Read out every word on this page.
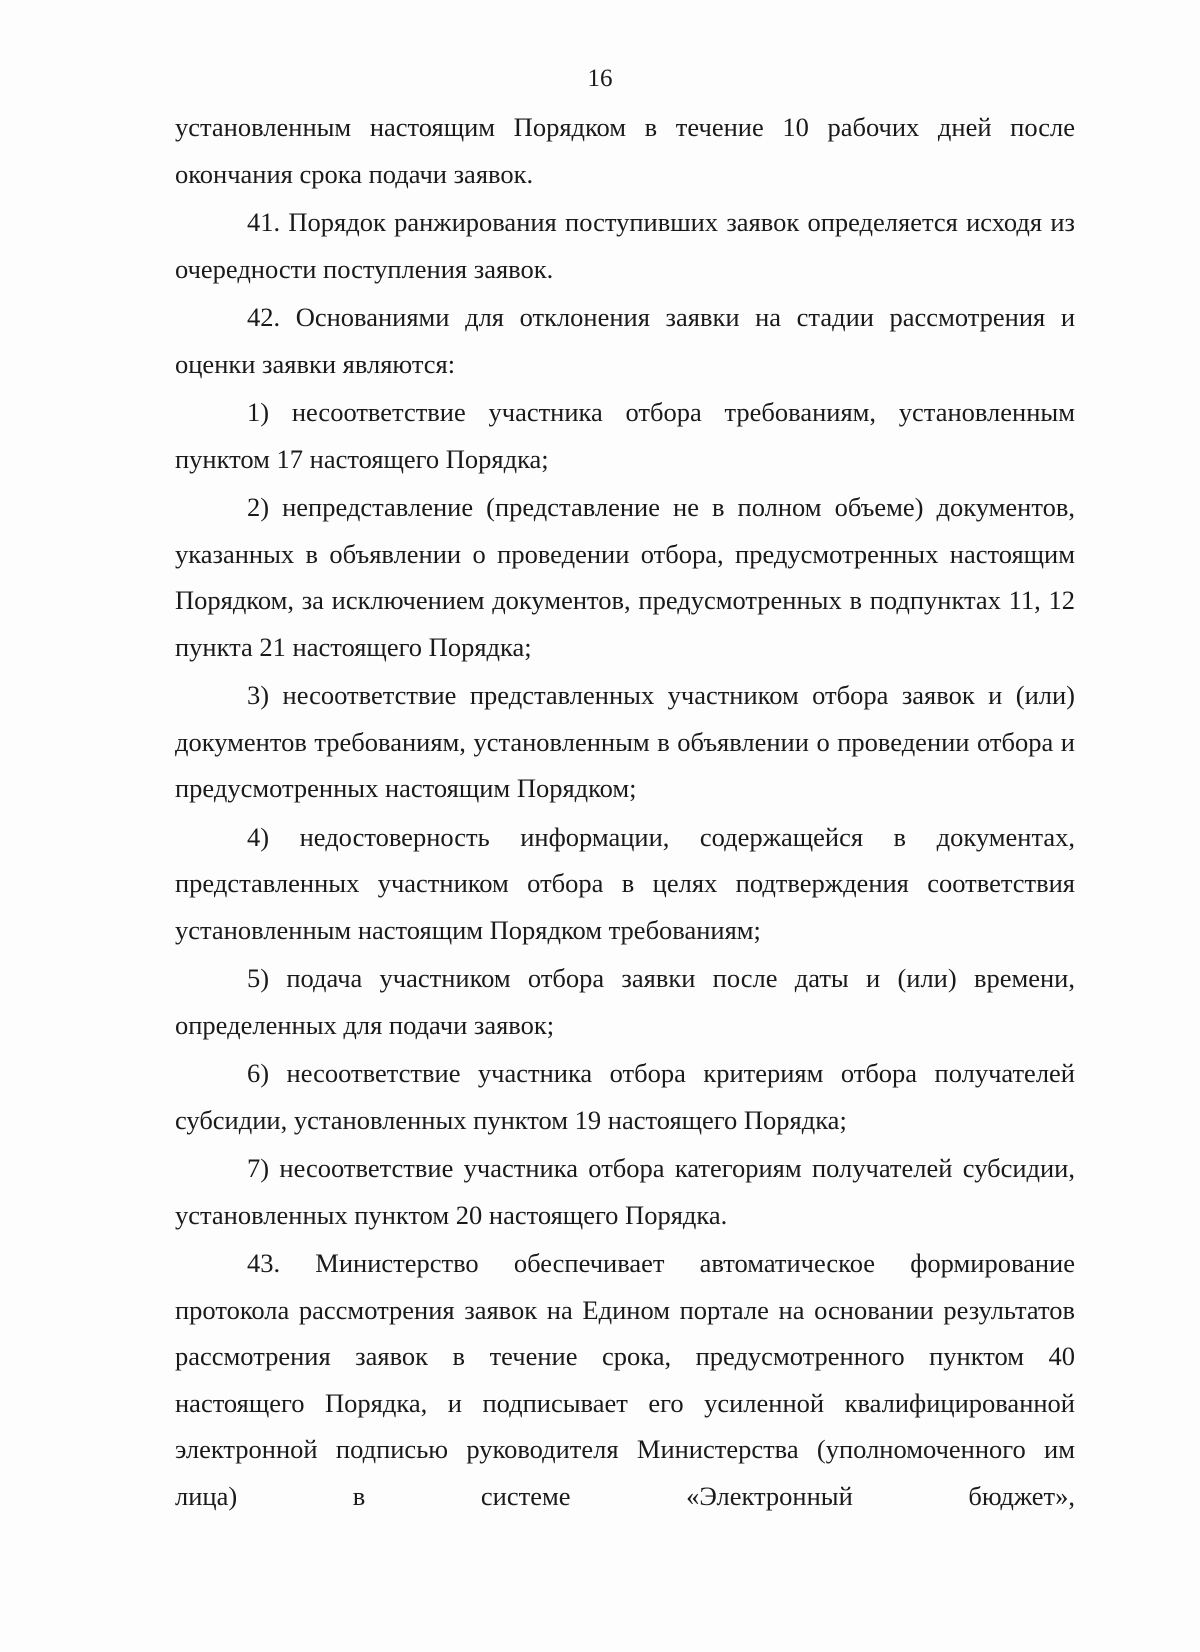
16

установленным настоящим Порядком в течение 10 рабочих дней после окончания срока подачи заявок.

41. Порядок ранжирования поступивших заявок определяется исходя из очередности поступления заявок.

42. Основаниями для отклонения заявки на стадии рассмотрения и оценки заявки являются:

1) несоответствие участника отбора требованиям, установленным пунктом 17 настоящего Порядка;

2) непредставление (представление не в полном объеме) документов, указанных в объявлении о проведении отбора, предусмотренных настоящим Порядком, за исключением документов, предусмотренных в подпунктах 11, 12 пункта 21 настоящего Порядка;

3) несоответствие представленных участником отбора заявок и (или) документов требованиям, установленным в объявлении о проведении отбора и предусмотренных настоящим Порядком;

4) недостоверность информации, содержащейся в документах, представленных участником отбора в целях подтверждения соответствия установленным настоящим Порядком требованиям;

5) подача участником отбора заявки после даты и (или) времени, определенных для подачи заявок;

6) несоответствие участника отбора критериям отбора получателей субсидии, установленных пунктом 19 настоящего Порядка;

7) несоответствие участника отбора категориям получателей субсидии, установленных пунктом 20 настоящего Порядка.

43. Министерство обеспечивает автоматическое формирование протокола рассмотрения заявок на Едином портале на основании результатов рассмотрения заявок в течение срока, предусмотренного пунктом 40 настоящего Порядка, и подписывает его усиленной квалифицированной электронной подписью руководителя Министерства (уполномоченного им лица) в системе «Электронный бюджет»,
